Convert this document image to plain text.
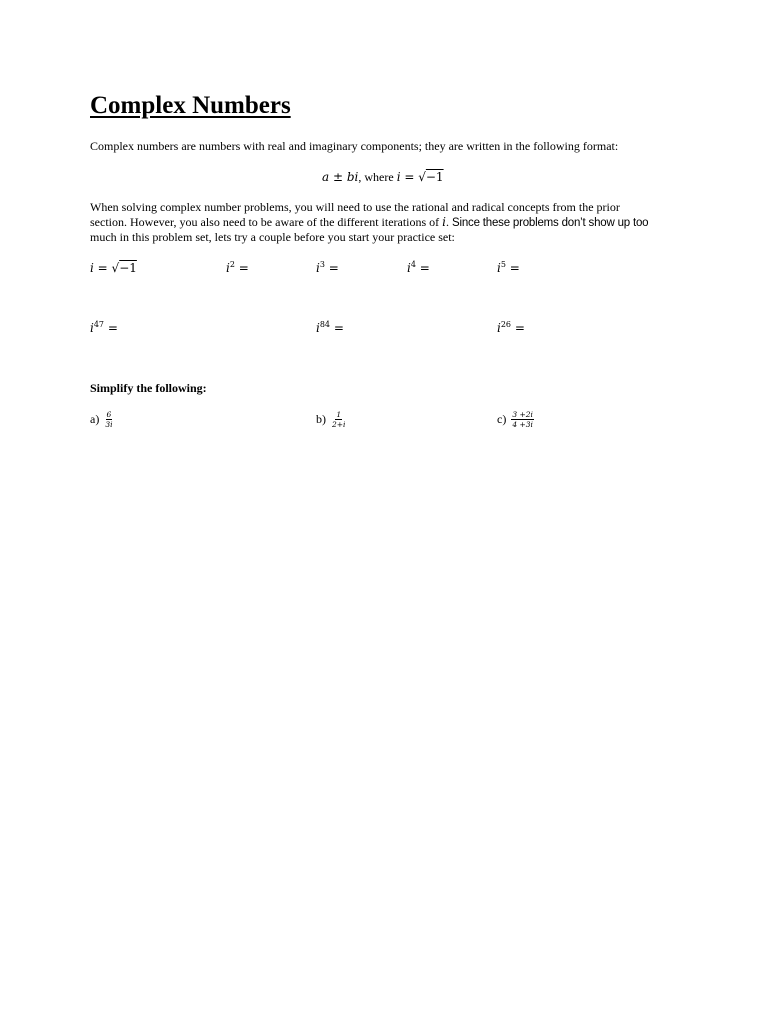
Complex Numbers
Complex numbers are numbers with real and imaginary components; they are written in the following format:
a ± bi, where i = √−1
When solving complex number problems, you will need to use the rational and radical concepts from the prior
section. However, you also need to be aware of the different iterations of i. Since these problems don’t show up too
much in this problem set, lets try a couple before you start your practice set:
i = √−1	$i^2$ =	$i^3$ =	$i^4$ =	$i^5$ =
$i^{47}$ =	$i^{84}$ =	$i^{26}$ =
Simplify the following:
$a) \frac{6}{3i}$	$b) \frac{1}{2+i}$	$c) \frac{3 +2i}{4 +3i}$
